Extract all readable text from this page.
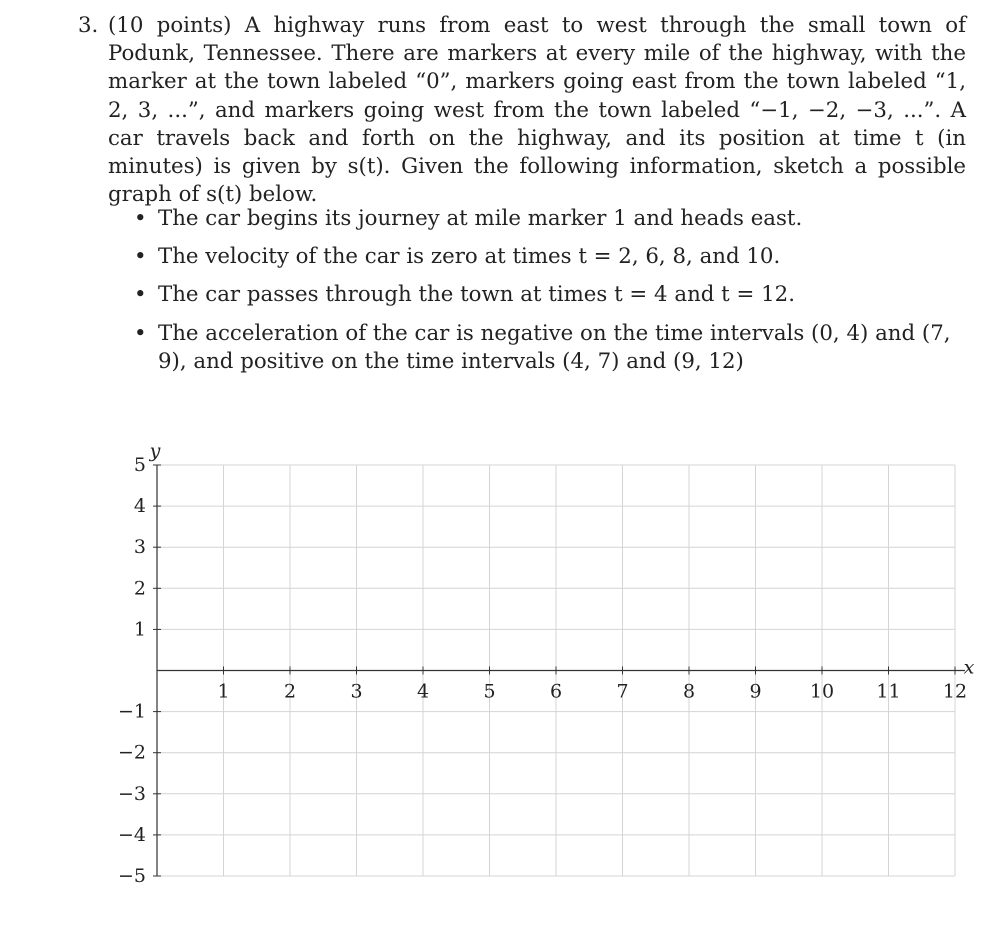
3. (10 points) A highway runs from east to west through the small town of Podunk, Tennessee. There are markers at every mile of the highway, with the marker at the town labeled “0”, markers going east from the town labeled “1, 2, 3, ...”, and markers going west from the town labeled “−1, −2, −3, ...”. A car travels back and forth on the highway, and its position at time t (in minutes) is given by s(t). Given the following information, sketch a possible graph of s(t) below.
• The car begins its journey at mile marker 1 and heads east.
• The velocity of the car is zero at times t = 2, 6, 8, and 10.
• The car passes through the town at times t = 4 and t = 12.
• The acceleration of the car is negative on the time intervals (0, 4) and (7, 9), and positive on the time intervals (4, 7) and (9, 12)
y
x
1	2	3	4	5	6	7	8	9	10 11 12
5
4
3
2
1
−1
−2
−3
−4
−5
